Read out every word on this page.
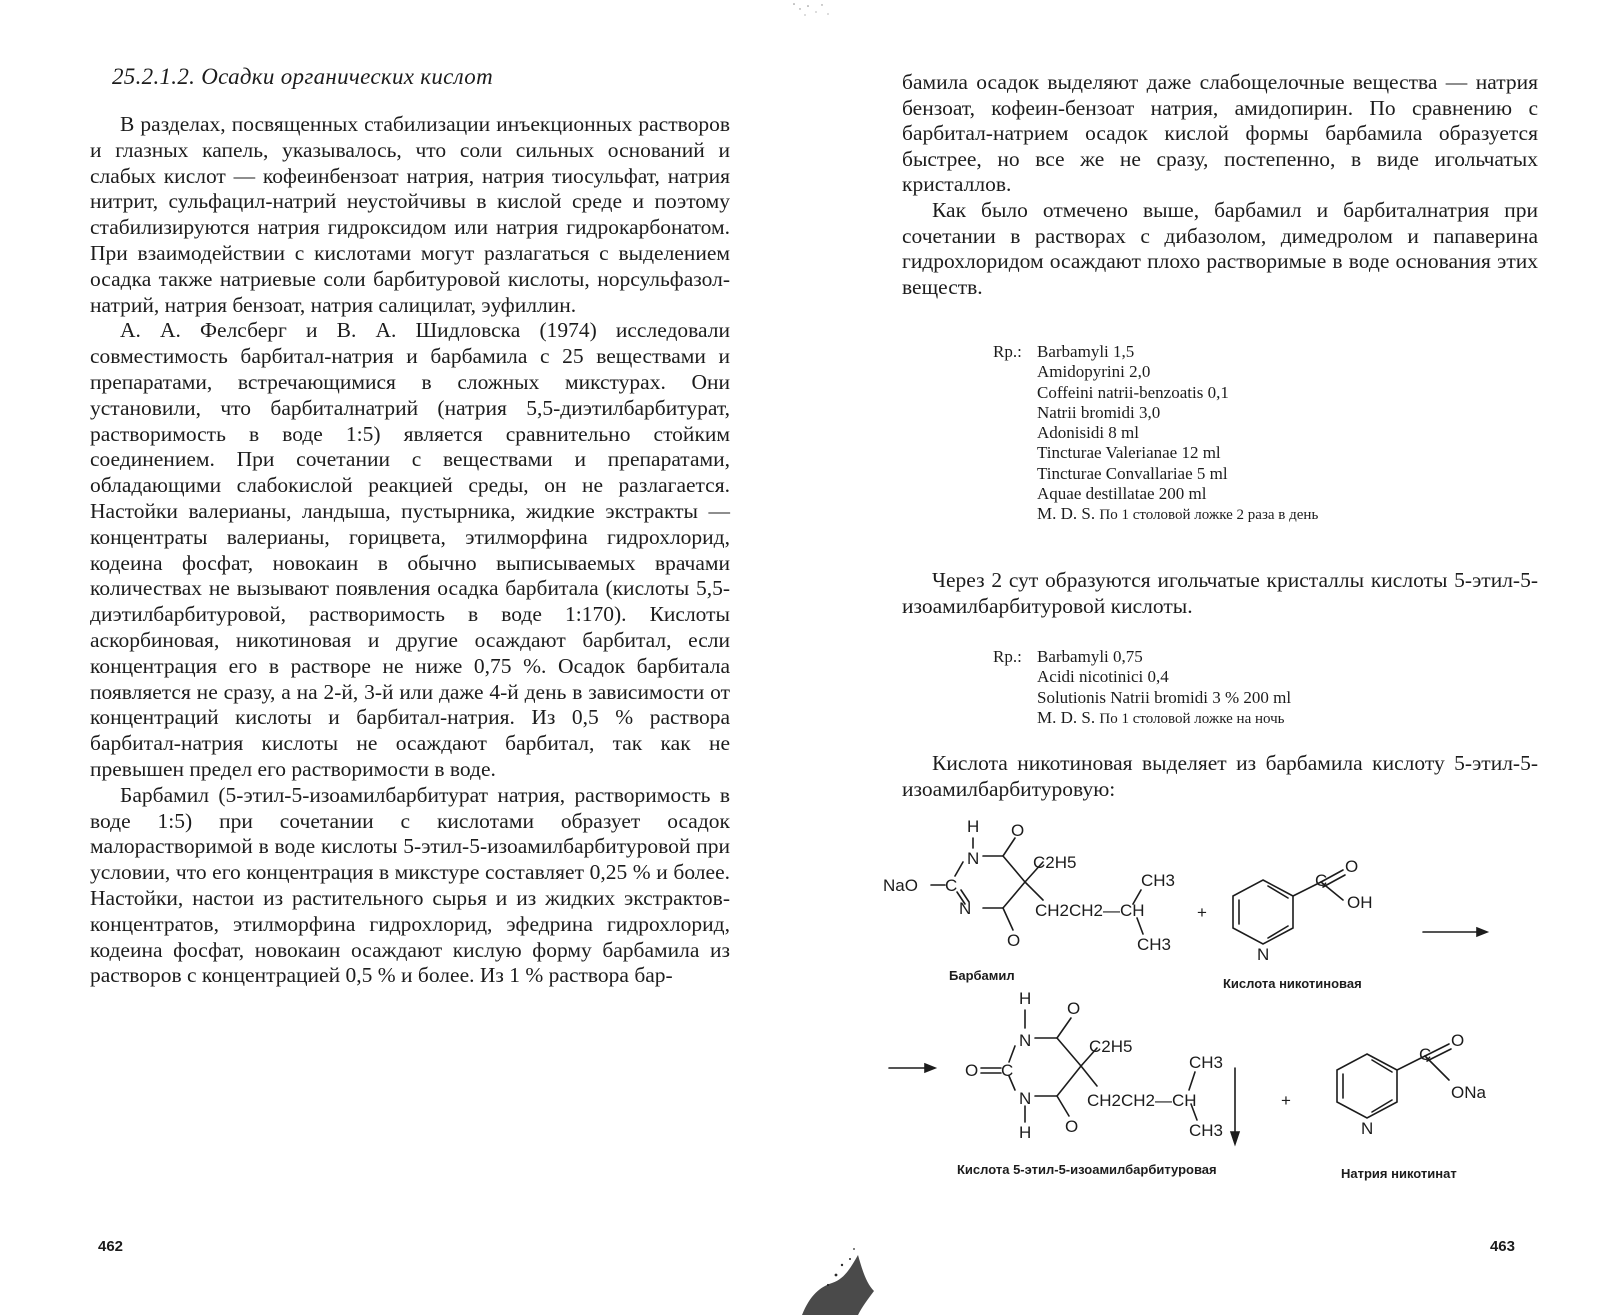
25.2.1.2. Осадки органических кислот

В разделах, посвященных стабилизации инъекционных растворов и глазных капель, указывалось, что соли сильных оснований и слабых кислот — кофеинбензоат натрия, натрия тиосульфат, натрия нитрит, сульфацил-натрий неустойчивы в кислой среде и поэтому стабилизируются натрия гидроксидом или натрия гидрокарбонатом. При взаимодействии с кислотами могут разлагаться с выделением осадка также натриевые соли барбитуровой кислоты, норсульфазол-натрий, натрия бензоат, натрия салицилат, эуфиллин.

А. А. Фелсберг и В. А. Шидловска (1974) исследовали совместимость барбитал-натрия и барбамила с 25 веществами и препаратами, встречающимися в сложных микстурах. Они установили, что барбиталнатрий (натрия 5,5-диэтилбарбитурат, растворимость в воде 1:5) является сравнительно стойким соединением. При сочетании с веществами и препаратами, обладающими слабокислой реакцией среды, он не разлагается. Настойки валерианы, ландыша, пустырника, жидкие экстракты — концентраты валерианы, горицвета, этилморфина гидрохлорид, кодеина фосфат, новокаин в обычно выписываемых врачами количествах не вызывают появления осадка барбитала (кислоты 5,5-диэтилбарбитуровой, растворимость в воде 1:170). Кислоты аскорбиновая, никотиновая и другие осаждают барбитал, если концентрация его в растворе не ниже 0,75 %. Осадок барбитала появляется не сразу, а на 2-й, 3-й или даже 4-й день в зависимости от концентраций кислоты и барбитал-натрия. Из 0,5 % раствора барбитал-натрия кислоты не осаждают барбитал, так как не превышен предел его растворимости в воде.

Барбамил (5-этил-5-изоамилбарбитурат натрия, растворимость в воде 1:5) при сочетании с кислотами образует осадок малорастворимой в воде кислоты 5-этил-5-изоамилбарбитуровой при условии, что его концентрация в микстуре составляет 0,25 % и более. Настойки, настои из растительного сырья и из жидких экстрактов-концентратов, этилморфина гидрохлорид, эфедрина гидрохлорид, кодеина фосфат, новокаин осаждают кислую форму барбамила из растворов с концентрацией 0,5 % и более. Из 1 % раствора бар-

462

бамила осадок выделяют даже слабощелочные вещества — натрия бензоат, кофеин-бензоат натрия, амидопирин. По сравнению с барбитал-натрием осадок кислой формы барбамила образуется быстрее, но все же не сразу, постепенно, в виде игольчатых кристаллов.

Как было отмечено выше, барбамил и барбиталнатрия при сочетании в растворах с дибазолом, димедролом и папаверина гидрохлоридом осаждают плохо растворимые в воде основания этих веществ.

Rp.: Barbamyli 1,5
Amidopyrini 2,0
Coffeini natrii-benzoatis 0,1
Natrii bromidi 3,0
Adonisidi 8 ml
Tincturae Valerianae 12 ml
Tincturae Convallariae 5 ml
Aquae destillatae 200 ml
M. D. S. По 1 столовой ложке 2 раза в день

Через 2 сут образуются игольчатые кристаллы кислоты 5-этил-5-изоамилбарбитуровой кислоты.

Rp.: Barbamyli 0,75
Acidi nicotinici 0,4
Solutionis Natrii bromidi 3 % 200 ml
M. D. S. По 1 столовой ложке на ночь

Кислота никотиновая выделяет из барбамила кислоту 5-этил-5-изоамилбарбитуровую:

463
H
N
O
C2H5
NaO C
N
O
CH3
CH2CH2—CH
CH3
+
N
C
O
OH
H
N
O
C2H5
O C
N
H O
CH3
CH2CH2—CH
CH3
+
N
C
O
ONa
Барбамил
Кислота никотиновая
Кислота 5-этил-5-изоамилбарбитуровая	Натрия никотинат
